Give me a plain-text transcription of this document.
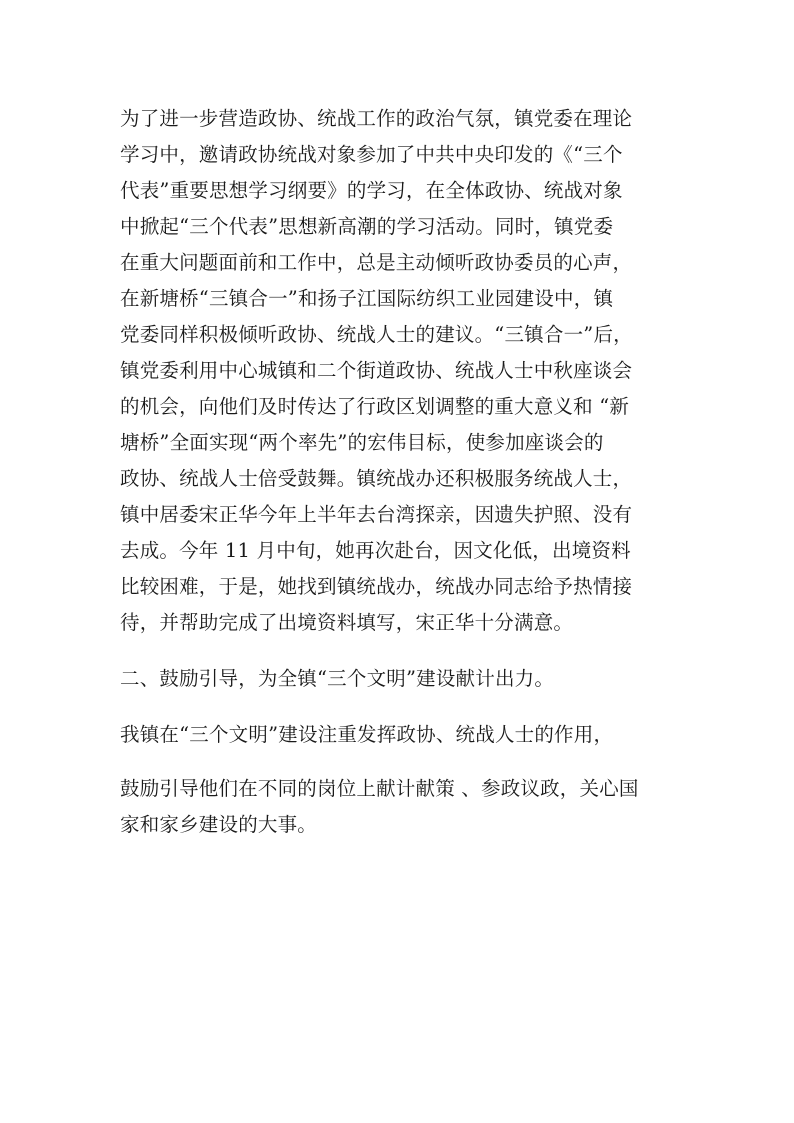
为了进一步营造政协、统战工作的政治气氛，镇党委在理论
学习中，邀请政协统战对象参加了中共中央印发的《“三个
代表”重要思想学习纲要》的学习，在全体政协、统战对象
中掀起“三个代表”思想新高潮的学习活动。同时，镇党委
在重大问题面前和工作中，总是主动倾听政协委员的心声，
在新塘桥“三镇合一”和扬子江国际纺织工业园建设中，镇
党委同样积极倾听政协、统战人士的建议。“三镇合一”后，
镇党委利用中心城镇和二个街道政协、统战人士中秋座谈会
的机会，向他们及时传达了行政区划调整的重大意义和 “新
塘桥”全面实现“两个率先”的宏伟目标，使参加座谈会的
政协、统战人士倍受鼓舞。镇统战办还积极服务统战人士，
镇中居委宋正华今年上半年去台湾探亲，因遗失护照、没有
去成。今年 11 月中旬，她再次赴台，因文化低，出境资料
比较困难，于是，她找到镇统战办，统战办同志给予热情接
待，并帮助完成了出境资料填写，宋正华十分满意。
二、鼓励引导，为全镇“三个文明”建设献计出力。
我镇在“三个文明”建设注重发挥政协、统战人士的作用，
鼓励引导他们在不同的岗位上献计献策 、参政议政，关心国
家和家乡建设的大事。
